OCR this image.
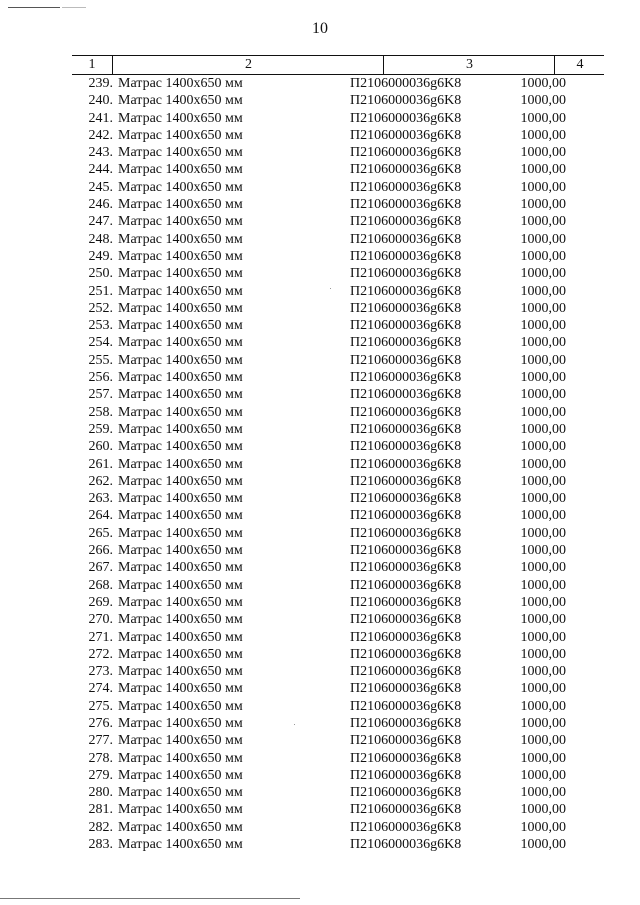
10
1	2	3	4
239. Матрас 1400х650 мм	П2106000036g6K8	1000,00
240. Матрас 1400х650 мм	П2106000036g6K8	1000,00
241. Матрас 1400х650 мм	П2106000036g6K8	1000,00
242. Матрас 1400х650 мм	П2106000036g6K8	1000,00
243. Матрас 1400х650 мм	П2106000036g6K8	1000,00
244. Матрас 1400х650 мм	П2106000036g6K8	1000,00
245. Матрас 1400х650 мм	П2106000036g6K8	1000,00
246. Матрас 1400х650 мм	П2106000036g6K8	1000,00
247. Матрас 1400х650 мм	П2106000036g6K8	1000,00
248. Матрас 1400х650 мм	П2106000036g6K8	1000,00
249. Матрас 1400х650 мм	П2106000036g6K8	1000,00
250. Матрас 1400х650 мм	П2106000036g6K8	1000,00
251. Матрас 1400х650 мм	П2106000036g6K8	1000,00
252. Матрас 1400х650 мм	П2106000036g6K8	1000,00
253. Матрас 1400х650 мм	П2106000036g6K8	1000,00
254. Матрас 1400х650 мм	П2106000036g6K8	1000,00
255. Матрас 1400х650 мм	П2106000036g6K8	1000,00
256. Матрас 1400х650 мм	П2106000036g6K8	1000,00
257. Матрас 1400х650 мм	П2106000036g6K8	1000,00
258. Матрас 1400х650 мм	П2106000036g6K8	1000,00
259. Матрас 1400х650 мм	П2106000036g6K8	1000,00
260. Матрас 1400х650 мм	П2106000036g6K8	1000,00
261. Матрас 1400х650 мм	П2106000036g6K8	1000,00
262. Матрас 1400х650 мм	П2106000036g6K8	1000,00
263. Матрас 1400х650 мм	П2106000036g6K8	1000,00
264. Матрас 1400х650 мм	П2106000036g6K8	1000,00
265. Матрас 1400х650 мм	П2106000036g6K8	1000,00
266. Матрас 1400х650 мм	П2106000036g6K8	1000,00
267. Матрас 1400х650 мм	П2106000036g6K8	1000,00
268. Матрас 1400х650 мм	П2106000036g6K8	1000,00
269. Матрас 1400х650 мм	П2106000036g6K8	1000,00
270. Матрас 1400х650 мм	П2106000036g6K8	1000,00
271. Матрас 1400х650 мм	П2106000036g6K8	1000,00
272. Матрас 1400х650 мм	П2106000036g6K8	1000,00
273. Матрас 1400х650 мм	П2106000036g6K8	1000,00
274. Матрас 1400х650 мм	П2106000036g6K8	1000,00
275. Матрас 1400х650 мм	П2106000036g6K8	1000,00
276. Матрас 1400х650 мм	П2106000036g6K8	1000,00
277. Матрас 1400х650 мм	П2106000036g6K8	1000,00
278. Матрас 1400х650 мм	П2106000036g6K8	1000,00
279. Матрас 1400х650 мм	П2106000036g6K8	1000,00
280. Матрас 1400х650 мм	П2106000036g6K8	1000,00
281. Матрас 1400х650 мм	П2106000036g6K8	1000,00
282. Матрас 1400х650 мм	П2106000036g6K8	1000,00
283. Матрас 1400х650 мм	П2106000036g6K8	1000,00
